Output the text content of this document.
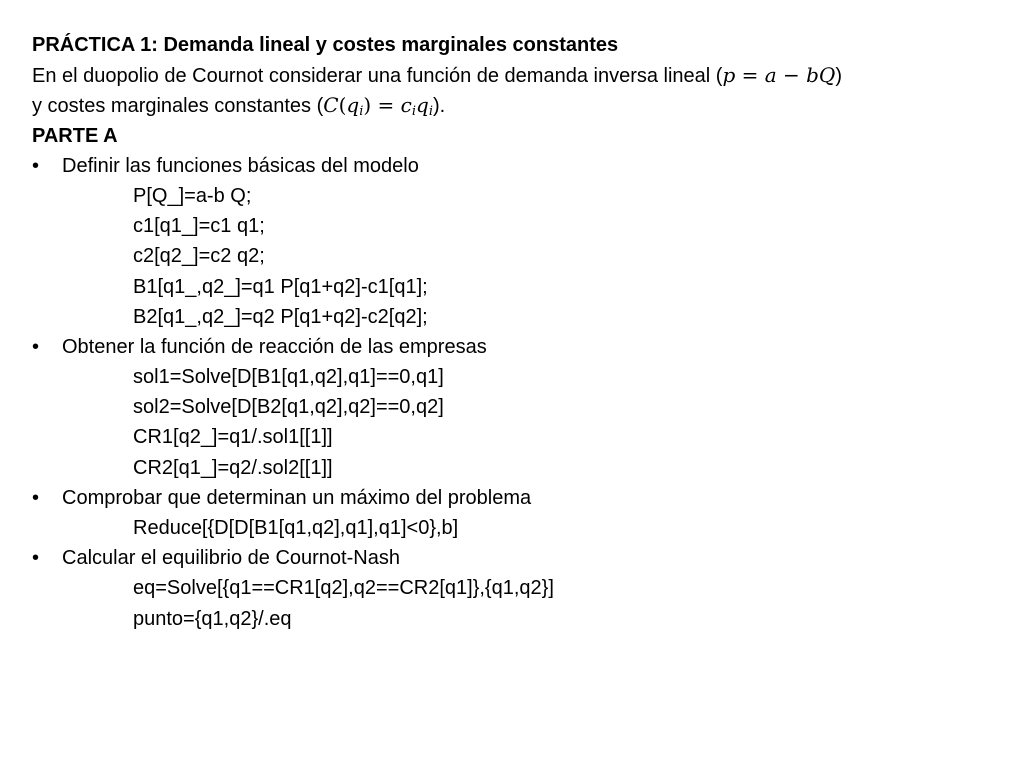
PRÁCTICA 1: Demanda lineal y costes marginales constantes
En el duopolio de Cournot considerar una función de demanda inversa lineal (p = a − bQ)
y costes marginales constantes $(C(q_i) = c_iq_i)$.
PARTE A
• Definir las funciones básicas del modelo
P[Q_]=a-b Q;
c1[q1_]=c1 q1;
c2[q2_]=c2 q2;
B1[q1_,q2_]=q1 P[q1+q2]-c1[q1];
B2[q1_,q2_]=q2 P[q1+q2]-c2[q2];
• Obtener la función de reacción de las empresas
sol1=Solve[D[B1[q1,q2],q1]==0,q1]
sol2=Solve[D[B2[q1,q2],q2]==0,q2]
CR1[q2_]=q1/.sol1[[1]]
CR2[q1_]=q2/.sol2[[1]]
• Comprobar que determinan un máximo del problema
Reduce[{D[D[B1[q1,q2],q1],q1]<0},b]
• Calcular el equilibrio de Cournot-Nash
eq=Solve[{q1==CR1[q2],q2==CR2[q1]},{q1,q2}]
punto={q1,q2}/.eq
